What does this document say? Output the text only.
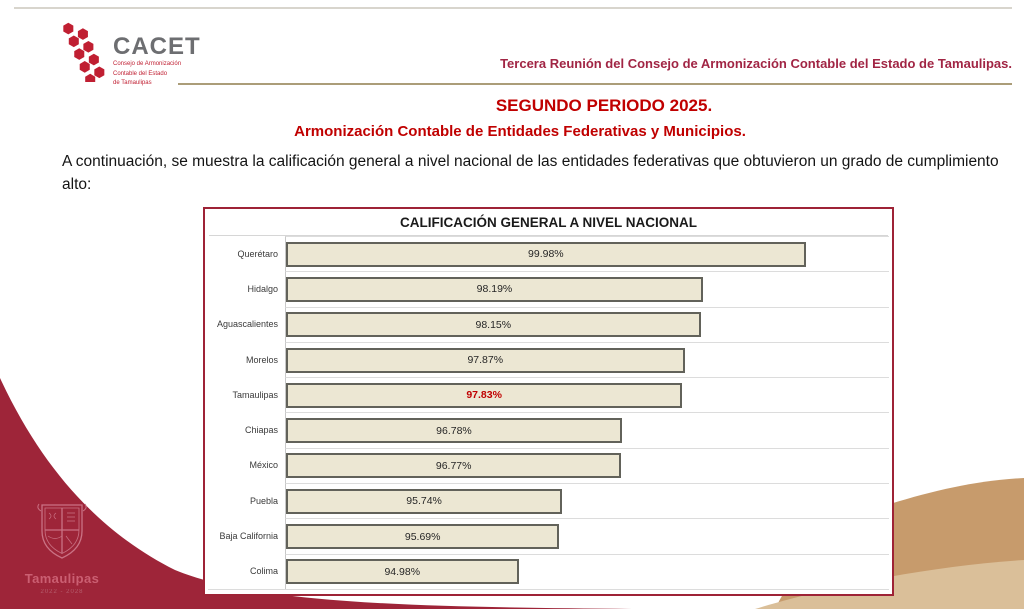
CACET
Consejo de Armonización
Contable del Estado
de Tamaulipas
Tercera Reunión del Consejo de Armonización Contable del Estado de Tamaulipas.
SEGUNDO PERIODO 2025.
Armonización Contable de Entidades Federativas y Municipios.
A continuación, se muestra la calificación general a nivel nacional de las entidades federativas que obtuvieron un grado de cumplimiento alto:
CALIFICACIÓN GENERAL A NIVEL NACIONAL
Querétaro	99.98%
Hidalgo	98.19%
Aguascalientes	98.15%
Morelos	97.87%
Tamaulipas	97.83%
Chiapas	96.78%
México	96.77%
Puebla	95.74%
Baja California	95.69%
Colima	94.98%
Tamaulipas
2022 - 2028
